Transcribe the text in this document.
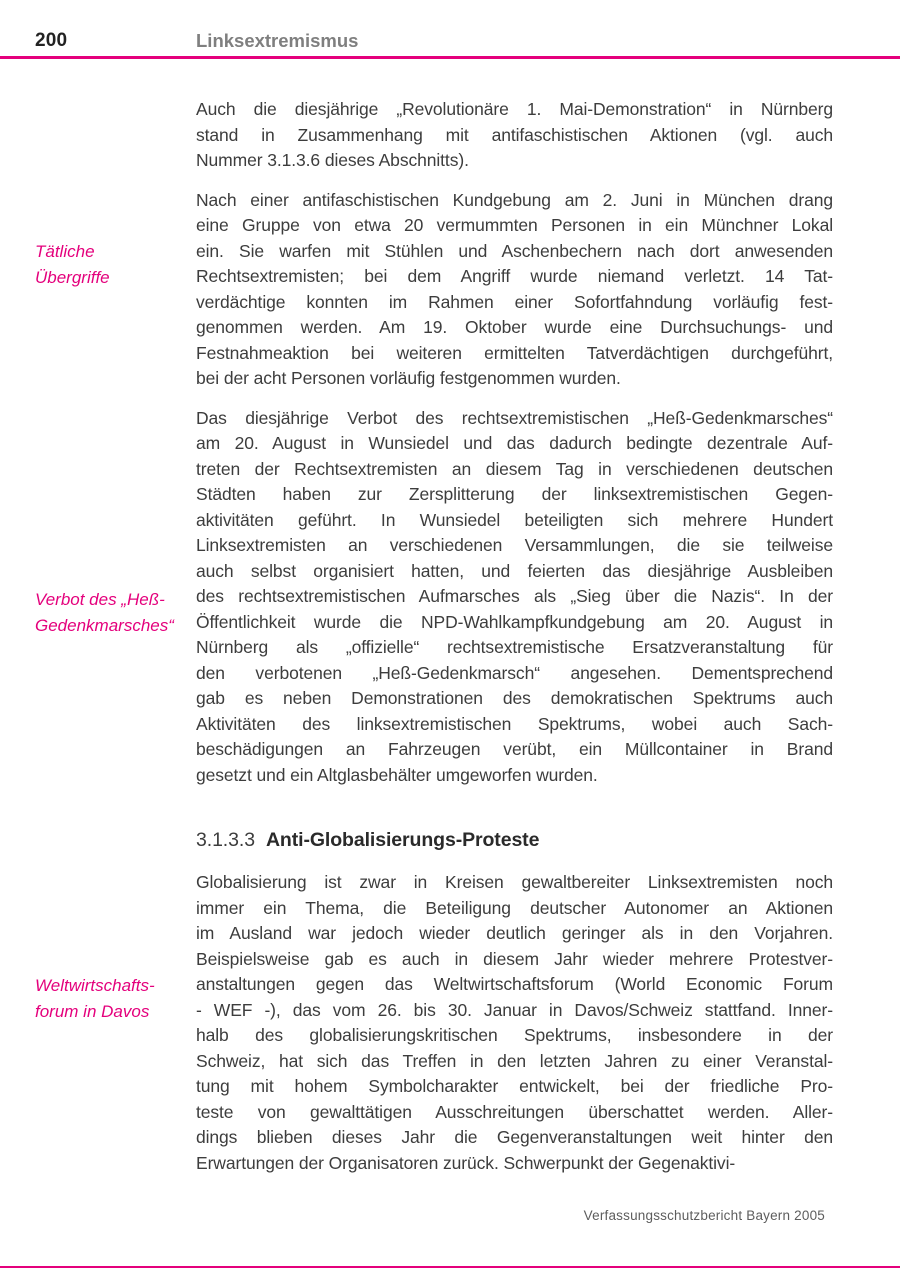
200	Linksextremismus
Tätliche
Übergriffe
Verbot des „Heß-
Gedenkmarsches“
Weltwirtschafts-
forum in Davos
Auch die diesjährige „Revolutionäre 1. Mai-Demonstration“ in Nürnberg
stand in Zusammenhang mit antifaschistischen Aktionen (vgl. auch
Nummer 3.1.3.6 dieses Abschnitts).
Nach einer antifaschistischen Kundgebung am 2. Juni in München drang
eine Gruppe von etwa 20 vermummten Personen in ein Münchner Lokal
ein. Sie warfen mit Stühlen und Aschenbechern nach dort anwesenden
Rechtsextremisten; bei dem Angriff wurde niemand verletzt. 14 Tat-
verdächtige konnten im Rahmen einer Sofortfahndung vorläufig fest-
genommen werden. Am 19. Oktober wurde eine Durchsuchungs- und
Festnahmeaktion bei weiteren ermittelten Tatverdächtigen durchgeführt,
bei der acht Personen vorläufig festgenommen wurden.
Das diesjährige Verbot des rechtsextremistischen „Heß-Gedenkmarsches“
am 20. August in Wunsiedel und das dadurch bedingte dezentrale Auf-
treten der Rechtsextremisten an diesem Tag in verschiedenen deutschen
Städten haben zur Zersplitterung der linksextremistischen Gegen-
aktivitäten geführt. In Wunsiedel beteiligten sich mehrere Hundert
Linksextremisten an verschiedenen Versammlungen, die sie teilweise
auch selbst organisiert hatten, und feierten das diesjährige Ausbleiben
des rechtsextremistischen Aufmarsches als „Sieg über die Nazis“. In der
Öffentlichkeit wurde die NPD-Wahlkampfkundgebung am 20. August in
Nürnberg als „offizielle“ rechtsextremistische Ersatzveranstaltung für
den verbotenen „Heß-Gedenkmarsch“ angesehen. Dementsprechend
gab es neben Demonstrationen des demokratischen Spektrums auch
Aktivitäten des linksextremistischen Spektrums, wobei auch Sach-
beschädigungen an Fahrzeugen verübt, ein Müllcontainer in Brand
gesetzt und ein Altglasbehälter umgeworfen wurden.
3.1.3.3 Anti-Globalisierungs-Proteste
Globalisierung ist zwar in Kreisen gewaltbereiter Linksextremisten noch
immer ein Thema, die Beteiligung deutscher Autonomer an Aktionen
im Ausland war jedoch wieder deutlich geringer als in den Vorjahren.
Beispielsweise gab es auch in diesem Jahr wieder mehrere Protestver-
anstaltungen gegen das Weltwirtschaftsforum (World Economic Forum
- WEF -), das vom 26. bis 30. Januar in Davos/Schweiz stattfand. Inner-
halb des globalisierungskritischen Spektrums, insbesondere in der
Schweiz, hat sich das Treffen in den letzten Jahren zu einer Veranstal-
tung mit hohem Symbolcharakter entwickelt, bei der friedliche Pro-
teste von gewalttätigen Ausschreitungen überschattet werden. Aller-
dings blieben dieses Jahr die Gegenveranstaltungen weit hinter den
Erwartungen der Organisatoren zurück. Schwerpunkt der Gegenaktivi-
Verfassungsschutzbericht Bayern 2005
